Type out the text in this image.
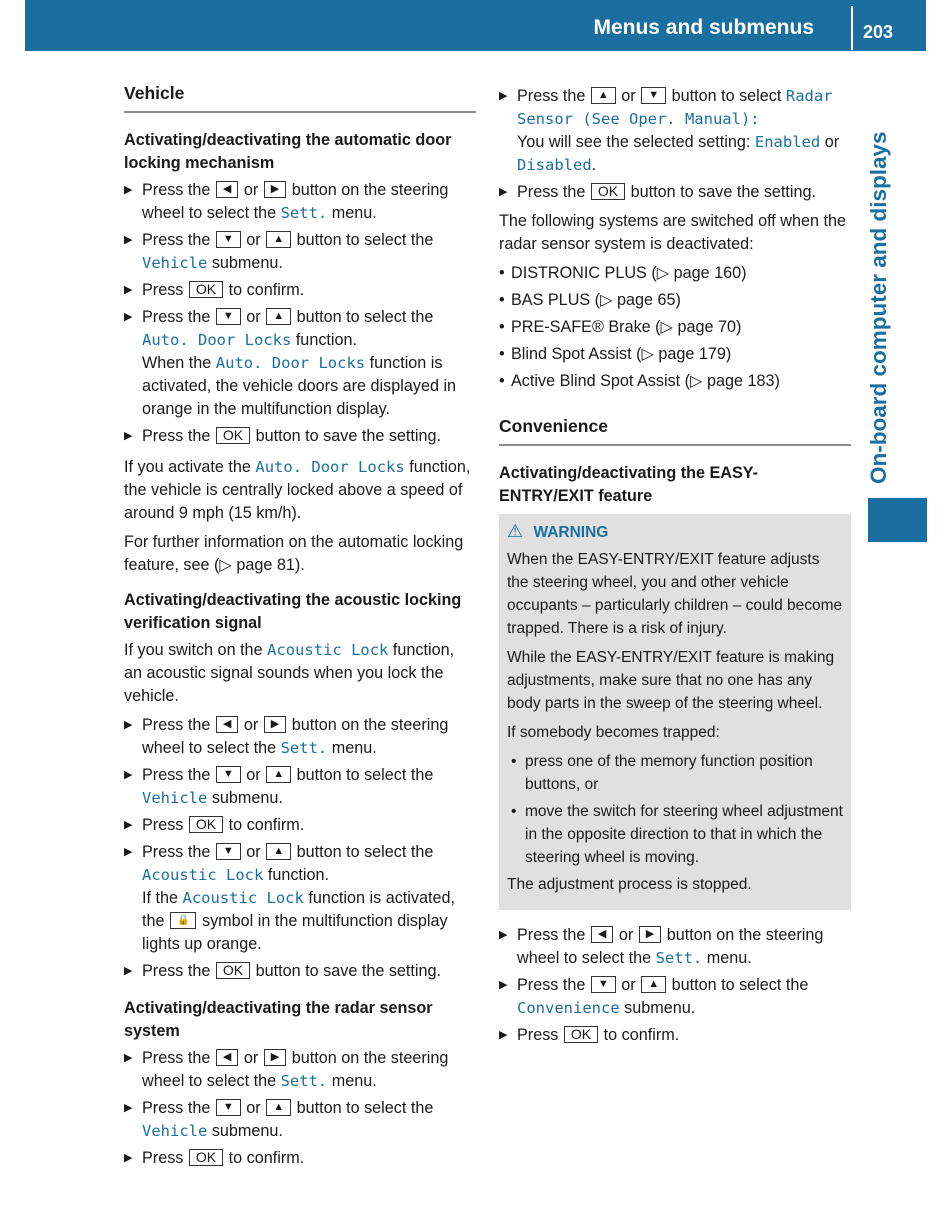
Menus and submenus	203
On-board computer and displays
Vehicle
Activating/deactivating the automatic door locking mechanism
▶ Press the ◀ or ▶ button on the steering wheel to select the Sett. menu.
▶ Press the ▼ or ▲ button to select the Vehicle submenu.
▶ Press OK to confirm.
▶ Press the ▼ or ▲ button to select the Auto. Door Locks function.
When the Auto. Door Locks function is activated, the vehicle doors are displayed in orange in the multifunction display.
▶ Press the OK button to save the setting.
If you activate the Auto. Door Locks function, the vehicle is centrally locked above a speed of around 9 mph (15 km/h).
For further information on the automatic locking feature, see (▷ page 81).
Activating/deactivating the acoustic locking verification signal
If you switch on the Acoustic Lock function, an acoustic signal sounds when you lock the vehicle.
▶ Press the ◀ or ▶ button on the steering wheel to select the Sett. menu.
▶ Press the ▼ or ▲ button to select the Vehicle submenu.
▶ Press OK to confirm.
▶ Press the ▼ or ▲ button to select the Acoustic Lock function.
If the Acoustic Lock function is activated, the 🔒 symbol in the multifunction display lights up orange.
▶ Press the OK button to save the setting.
Activating/deactivating the radar sensor system
▶ Press the ◀ or ▶ button on the steering wheel to select the Sett. menu.
▶ Press the ▼ or ▲ button to select the Vehicle submenu.
▶ Press OK to confirm.
▶ Press the ▲ or ▼ button to select Radar Sensor (See Oper. Manual):
You will see the selected setting: Enabled or Disabled.
▶ Press the OK button to save the setting.
The following systems are switched off when the radar sensor system is deactivated:
• DISTRONIC PLUS (▷ page 160)
• BAS PLUS (▷ page 65)
• PRE-SAFE® Brake (▷ page 70)
• Blind Spot Assist (▷ page 179)
• Active Blind Spot Assist (▷ page 183)
Convenience
Activating/deactivating the EASY-ENTRY/EXIT feature
⚠ WARNING
When the EASY-ENTRY/EXIT feature adjusts the steering wheel, you and other vehicle occupants – particularly children – could become trapped. There is a risk of injury.
While the EASY-ENTRY/EXIT feature is making adjustments, make sure that no one has any body parts in the sweep of the steering wheel.
If somebody becomes trapped:
• press one of the memory function position buttons, or
• move the switch for steering wheel adjustment in the opposite direction to that in which the steering wheel is moving.
The adjustment process is stopped.
▶ Press the ◀ or ▶ button on the steering wheel to select the Sett. menu.
▶ Press the ▼ or ▲ button to select the Convenience submenu.
▶ Press OK to confirm.
